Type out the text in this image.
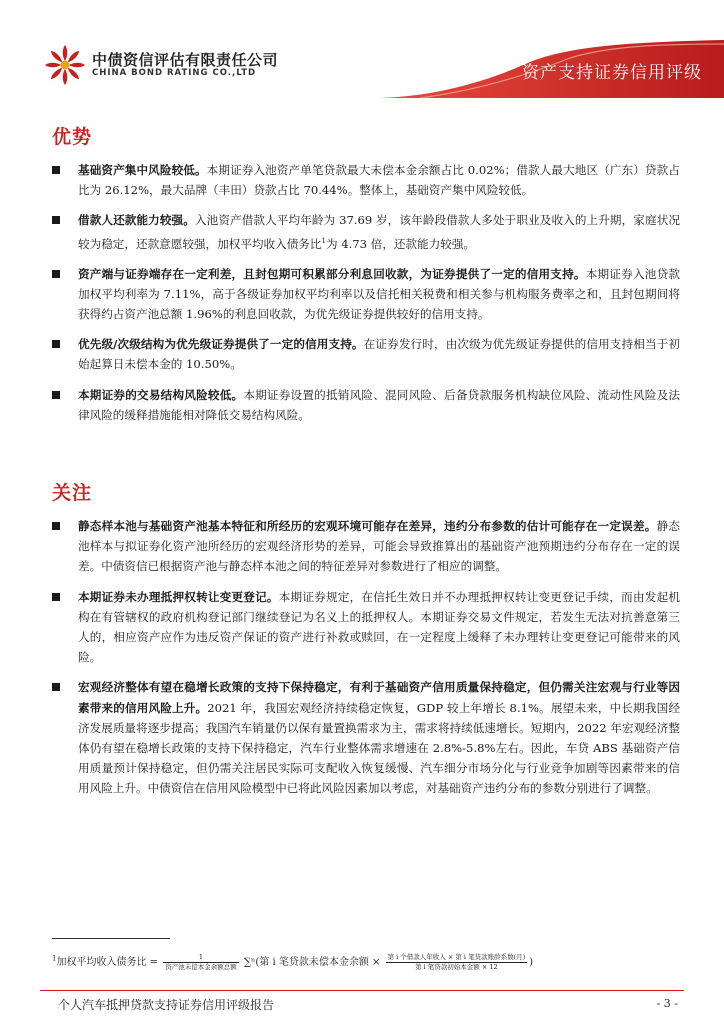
中债资信评估有限责任公司
CHINA BOND RATING CO.,LTD	资产支持证券信用评级
优势
基础资产集中风险较低。本期证券入池资产单笔贷款最大未偿本金余额占比 0.02%；借款人最大地区（广东）贷款占比为 26.12%，最大品牌（丰田）贷款占比 70.44%。整体上，基础资产集中风险较低。
借款人还款能力较强。入池资产借款人平均年龄为 37.69 岁，该年龄段借款人多处于职业及收入的上升期，家庭状况较为稳定，还款意愿较强，加权平均收入债务比$^1$为 4.73 倍，还款能力较强。
资产端与证券端存在一定利差，且封包期可积累部分利息回收款，为证券提供了一定的信用支持。本期证券入池贷款加权平均利率为 7.11%，高于各级证券加权平均利率以及信托相关税费和相关参与机构服务费率之和，且封包期间将获得约占资产池总额 1.96%的利息回收款，为优先级证券提供较好的信用支持。
优先级/次级结构为优先级证券提供了一定的信用支持。在证券发行时，由次级为优先级证券提供的信用支持相当于初始起算日未偿本金的 10.50%。
本期证券的交易结构风险较低。本期证券设置的抵销风险、混同风险、后备贷款服务机构缺位风险、流动性风险及法律风险的缓释措施能相对降低交易结构风险。
关注
静态样本池与基础资产池基本特征和所经历的宏观环境可能存在差异，违约分布参数的估计可能存在一定误差。静态池样本与拟证券化资产池所经历的宏观经济形势的差异，可能会导致推算出的基础资产池预期违约分布存在一定的误差。中债资信已根据资产池与静态样本池之间的特征差异对参数进行了相应的调整。
本期证券未办理抵押权转让变更登记。本期证券规定，在信托生效日并不办理抵押权转让变更登记手续，而由发起机构在有管辖权的政府机构登记部门继续登记为名义上的抵押权人。本期证券交易文件规定，若发生无法对抗善意第三人的，相应资产应作为违反资产保证的资产进行补救或赎回，在一定程度上缓释了未办理转让变更登记可能带来的风险。
宏观经济整体有望在稳增长政策的支持下保持稳定，有利于基础资产信用质量保持稳定，但仍需关注宏观与行业等因素带来的信用风险上升。2021 年，我国宏观经济持续稳定恢复，GDP 较上年增长 8.1%。展望未来，中长期我国经济发展质量将逐步提高；我国汽车销量仍以保有量置换需求为主，需求将持续低速增长。短期内，2022 年宏观经济整体仍有望在稳增长政策的支持下保持稳定，汽车行业整体需求增速在 2.8%-5.8%左右。因此，车贷 ABS 基础资产信用质量预计保持稳定，但仍需关注居民实际可支配收入恢复缓慢、汽车细分市场分化与行业竞争加剧等因素带来的信用风险上升。中债资信在信用风险模型中已将此风险因素加以考虑，对基础资产违约分布的参数分别进行了调整。
$^1$加权平均收入债务比 = $\frac{1}{\text{资产池未偿本金余额总额}} \sum^n$(第 i 笔贷款未偿本金余额 × $\frac{\text{第 i 个借款人年收入 × 第 i 笔贷款账龄系数(月)}}{\text{第 i 笔贷款初始本金额 × 12}}$ )
个人汽车抵押贷款支持证券信用评级报告	- 3 -
